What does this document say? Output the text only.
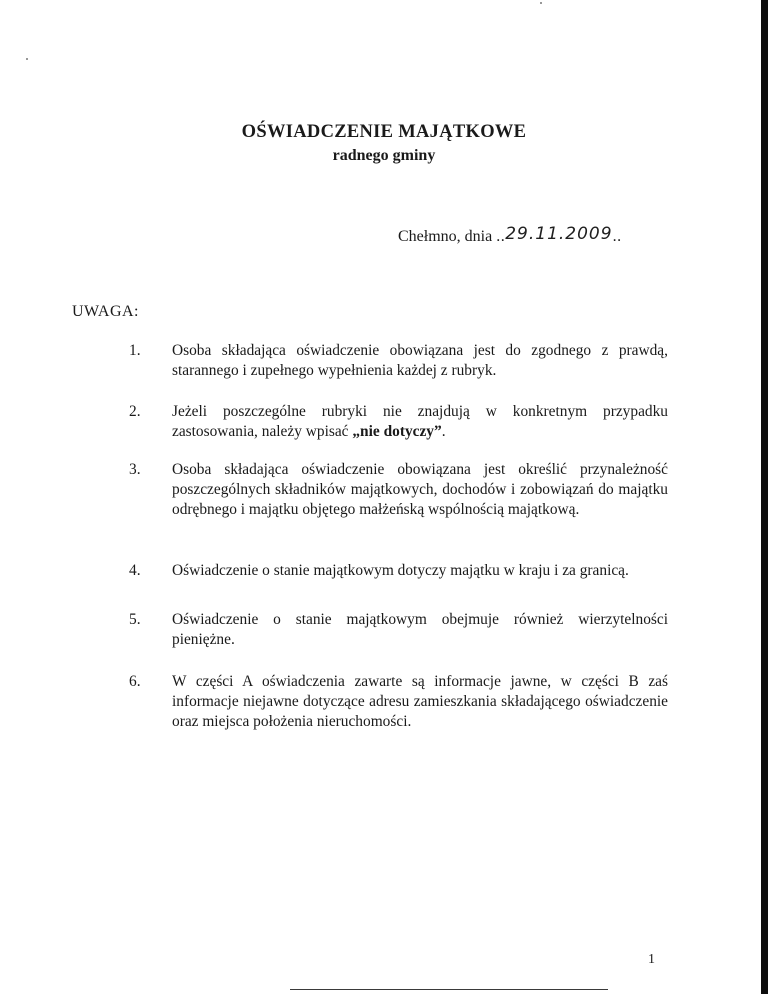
OŚWIADCZENIE MAJĄTKOWE
radnego gminy
Chełmno, dnia ..29.11.2009..
UWAGA:
1. Osoba składająca oświadczenie obowiązana jest do zgodnego z prawdą, starannego i zupełnego wypełnienia każdej z rubryk.
2. Jeżeli poszczególne rubryki nie znajdują w konkretnym przypadku zastosowania, należy wpisać „nie dotyczy”.
3. Osoba składająca oświadczenie obowiązana jest określić przynależność poszczególnych składników majątkowych, dochodów i zobowiązań do majątku odrębnego i majątku objętego małżeńską wspólnością majątkową.
4. Oświadczenie o stanie majątkowym dotyczy majątku w kraju i za granicą.
5. Oświadczenie o stanie majątkowym obejmuje również wierzytelności pieniężne.
6. W części A oświadczenia zawarte są informacje jawne, w części B zaś informacje niejawne dotyczące adresu zamieszkania składającego oświadczenie oraz miejsca położenia nieruchomości.
1
